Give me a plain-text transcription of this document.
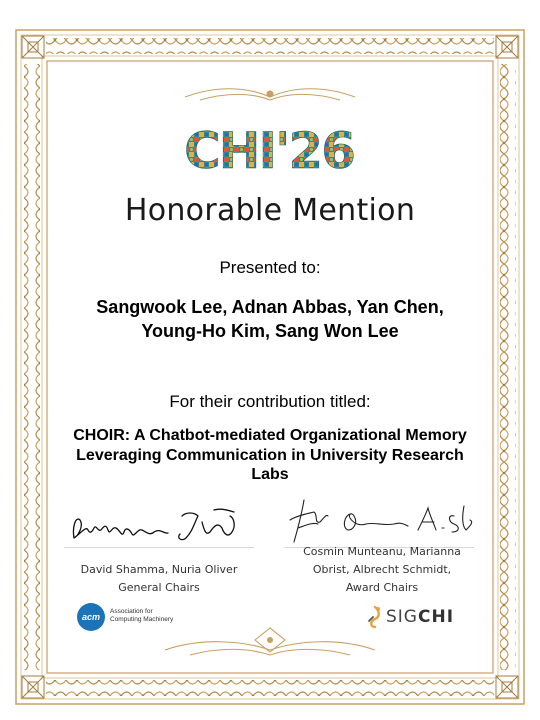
CHI'26
Honorable Mention
Presented to:
Sangwook Lee, Adnan Abbas, Yan Chen,
Young-Ho Kim, Sang Won Lee
For their contribution titled:
CHOIR: A Chatbot-mediated Organizational Memory
Leveraging Communication in University Research
Labs
David Shamma, Nuria Oliver
General Chairs
Cosmin Munteanu, Marianna
Obrist, Albrecht Schmidt,
Award Chairs
acm
Association for
Computing Machinery	SIGCHI
